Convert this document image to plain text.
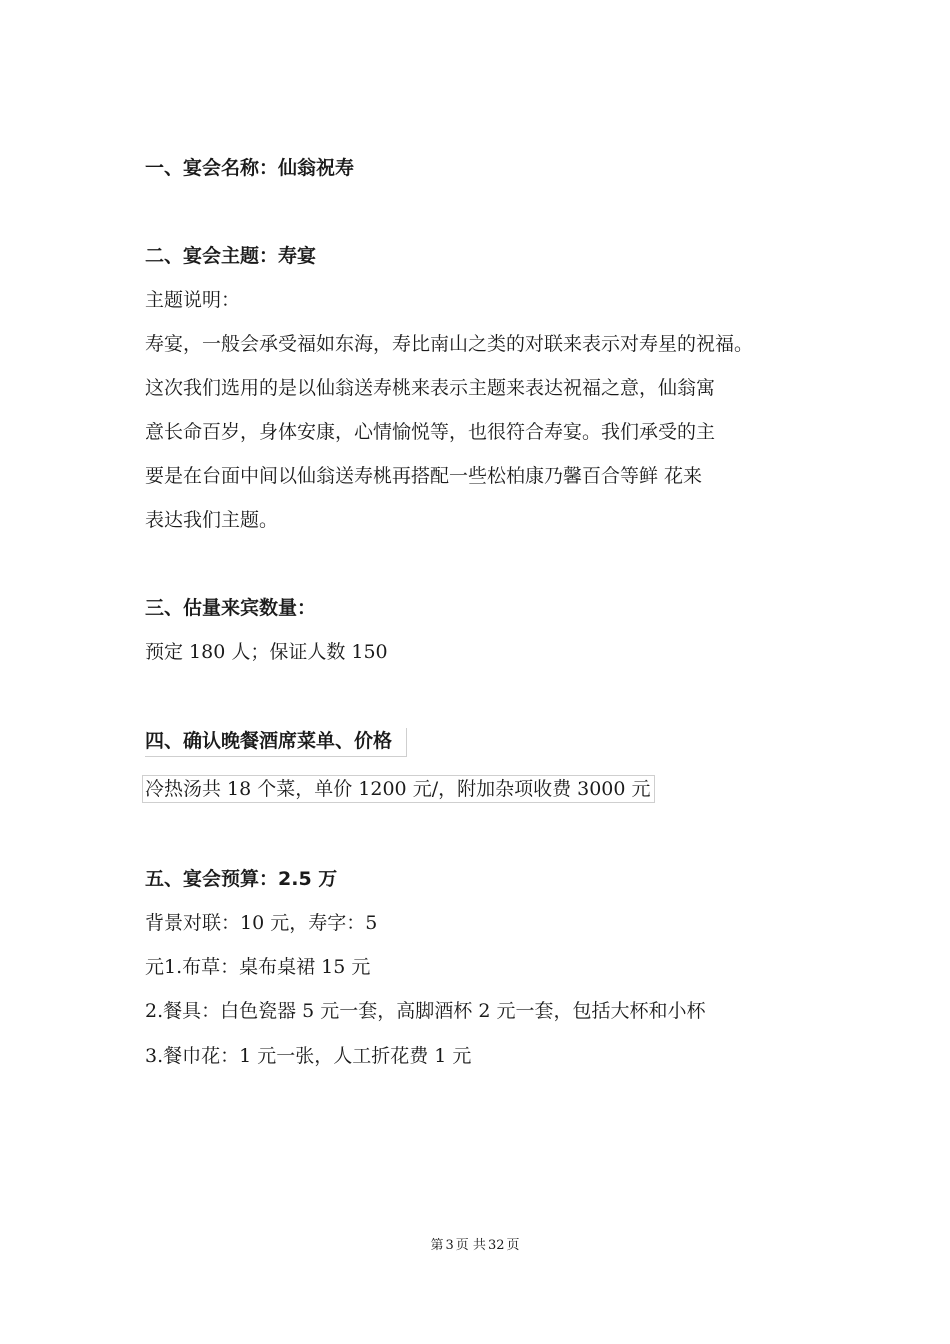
一、宴会名称：仙翁祝寿
二、宴会主题：寿宴

主题说明：

寿宴，一般会承受福如东海，寿比南山之类的对联来表示对寿星的祝福。

这次我们选用的是以仙翁送寿桃来表示主题来表达祝福之意，仙翁寓

意长命百岁，身体安康，心情愉悦等，也很符合寿宴。我们承受的主

要是在台面中间以仙翁送寿桃再搭配一些松柏康乃馨百合等鲜 花来

表达我们主题。

三、估量来宾数量：

预定 180 人；保证人数 150

四、确认晚餐酒席菜单、价格

冷热汤共 18 个菜，单价 1200 元/，附加杂项收费 3000 元

五、宴会预算：2.5 万

背景对联：10 元，寿字：5

元1.布草：桌布桌裙 15 元

2.餐具：白色瓷器 5 元一套，高脚酒杯 2 元一套，包括大杯和小杯

3.餐巾花：1 元一张，人工折花费 1 元

第 3 页 共 32 页
